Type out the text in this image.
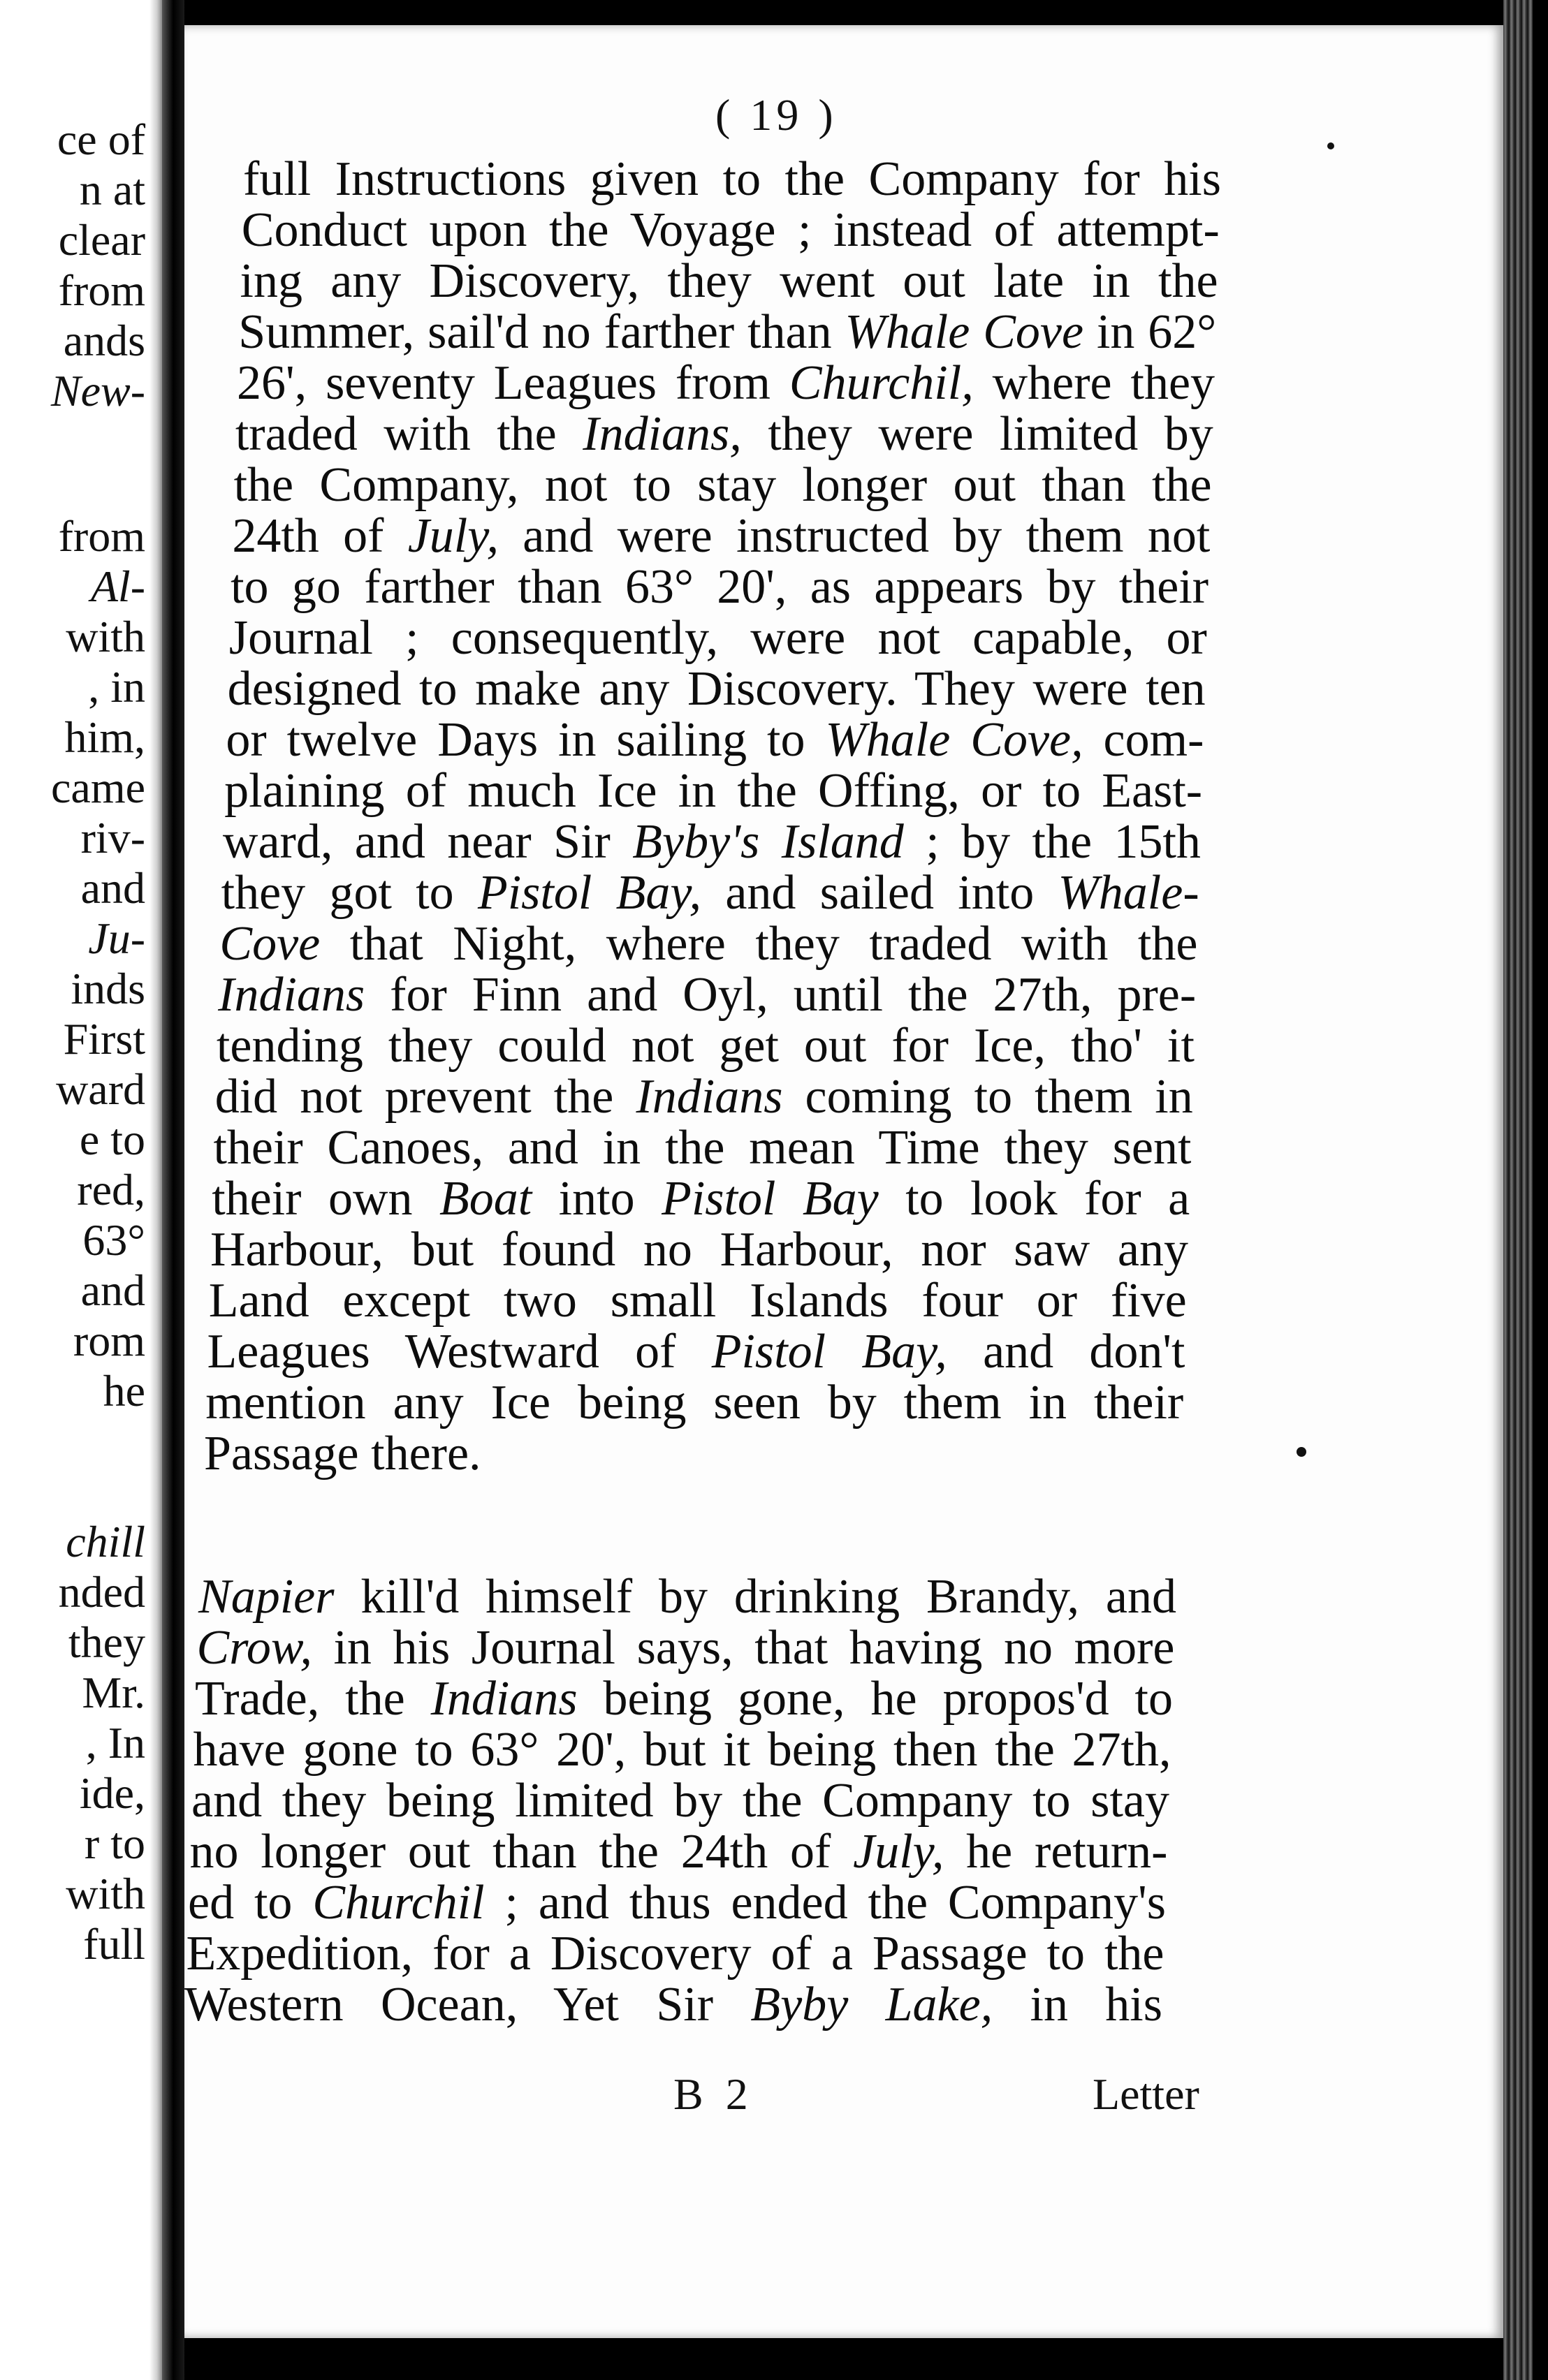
ce of
n at
clear
from
ands
New-
from
Al-
with
, in
him,
came
riv-
and
Ju-
inds
First
ward
e to
red,
63°
and
rom
he
chill
nded
they
Mr.
, In
ide,
r to
with
full
( 19 )
full Instructions given to the Company for his
Conduct upon the Voyage ; instead of attempt-
ing any Discovery, they went out late in the
Summer, sail'd no farther than Whale Cove in 62°
26', seventy Leagues from Churchil, where they
traded with the Indians, they were limited by
the Company, not to stay longer out than the
24th of July, and were instructed by them not
to go farther than 63° 20', as appears by their
Journal ; consequently, were not capable, or
designed to make any Discovery. They were ten
or twelve Days in sailing to Whale Cove, com-
plaining of much Ice in the Offing, or to East-
ward, and near Sir Byby's Island ; by the 15th
they got to Pistol Bay, and sailed into Whale-
Cove that Night, where they traded with the
Indians for Finn and Oyl, until the 27th, pre-
tending they could not get out for Ice, tho' it
did not prevent the Indians coming to them in
their Canoes, and in the mean Time they sent
their own Boat into Pistol Bay to look for a
Harbour, but found no Harbour, nor saw any
Land except two small Islands four or five
Leagues Westward of Pistol Bay, and don't
mention any Ice being seen by them in their
Passage there.
Napier kill'd himself by drinking Brandy, and
Crow, in his Journal says, that having no more
Trade, the Indians being gone, he propos'd to
have gone to 63° 20', but it being then the 27th,
and they being limited by the Company to stay
no longer out than the 24th of July, he return-
ed to Churchil ; and thus ended the Company's
Expedition, for a Discovery of a Passage to the
Western Ocean, Yet Sir Byby Lake, in his
B 2	Letter
